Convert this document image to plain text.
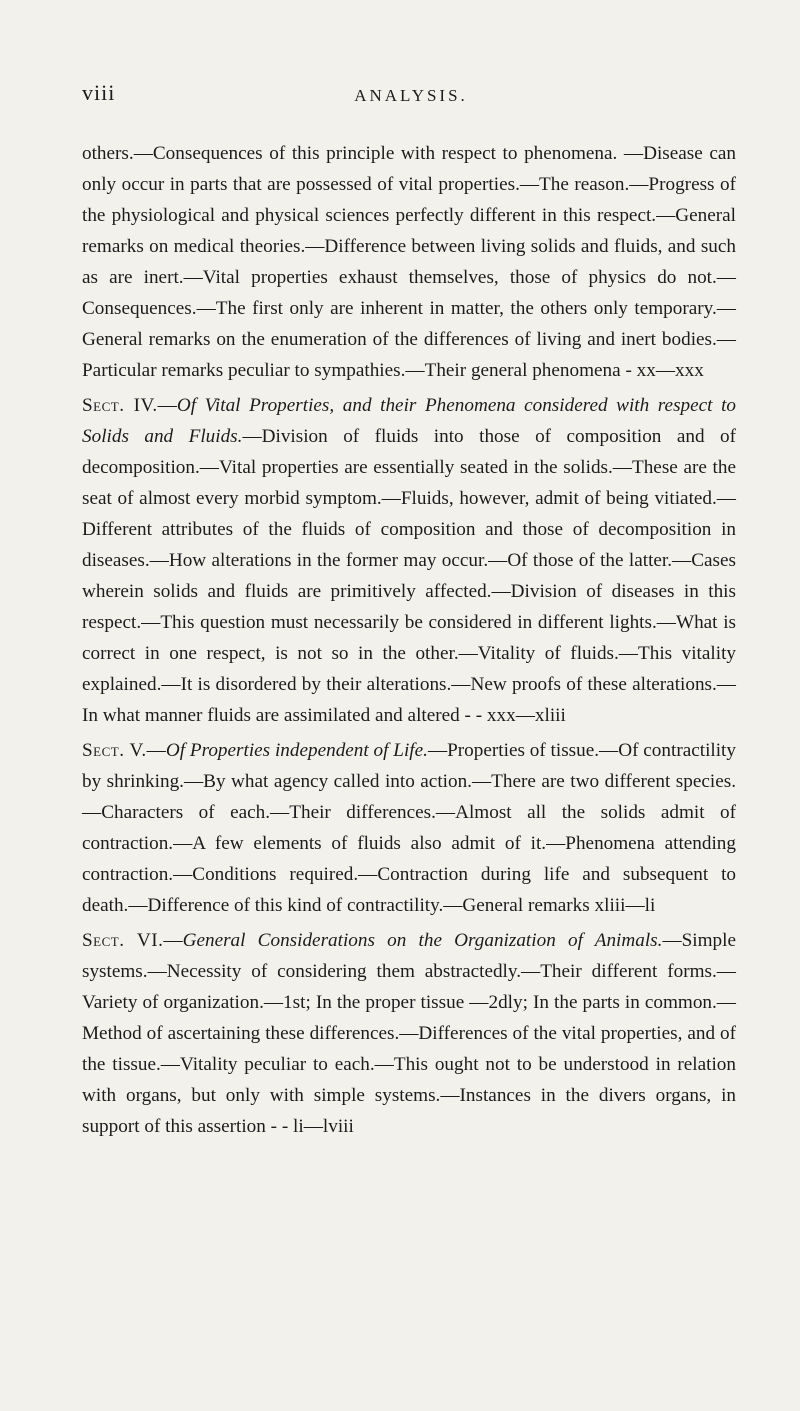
viii	ANALYSIS.

others.—Consequences of this principle with respect to phenomena. —Disease can only occur in parts that are possessed of vital properties.—The reason.—Progress of the physiological and physical sciences perfectly different in this respect.—General remarks on medical theories.—Difference between living solids and fluids, and such as are inert.—Vital properties exhaust themselves, those of physics do not.—Consequences.—The first only are inherent in matter, the others only temporary.—General remarks on the enumeration of the differences of living and inert bodies.—Particular remarks peculiar to sympathies.—Their general phenomena - xx—xxx

Sect. IV.—Of Vital Properties, and their Phenomena considered with respect to Solids and Fluids.—Division of fluids into those of composition and of decomposition.—Vital properties are essentially seated in the solids.—These are the seat of almost every morbid symptom.—Fluids, however, admit of being vitiated.—Different attributes of the fluids of composition and those of decomposition in diseases.—How alterations in the former may occur.—Of those of the latter.—Cases wherein solids and fluids are primitively affected.—Division of diseases in this respect.—This question must necessarily be considered in different lights.—What is correct in one respect, is not so in the other.—Vitality of fluids.—This vitality explained.—It is disordered by their alterations.—New proofs of these alterations.—In what manner fluids are assimilated and altered - - xxx—xliii

Sect. V.—Of Properties independent of Life.—Properties of tissue.—Of contractility by shrinking.—By what agency called into action.—There are two different species.—Characters of each.—Their differences.—Almost all the solids admit of contraction.—A few elements of fluids also admit of it.—Phenomena attending contraction.—Conditions required.—Contraction during life and subsequent to death.—Difference of this kind of contractility.—General remarks xliii—li

Sect. VI.—General Considerations on the Organization of Animals.—Simple systems.—Necessity of considering them abstractedly.—Their different forms.—Variety of organization.—1st; In the proper tissue —2dly; In the parts in common.—Method of ascertaining these differences.—Differences of the vital properties, and of the tissue.—Vitality peculiar to each.—This ought not to be understood in relation with organs, but only with simple systems.—Instances in the divers organs, in support of this assertion - - li—lviii
